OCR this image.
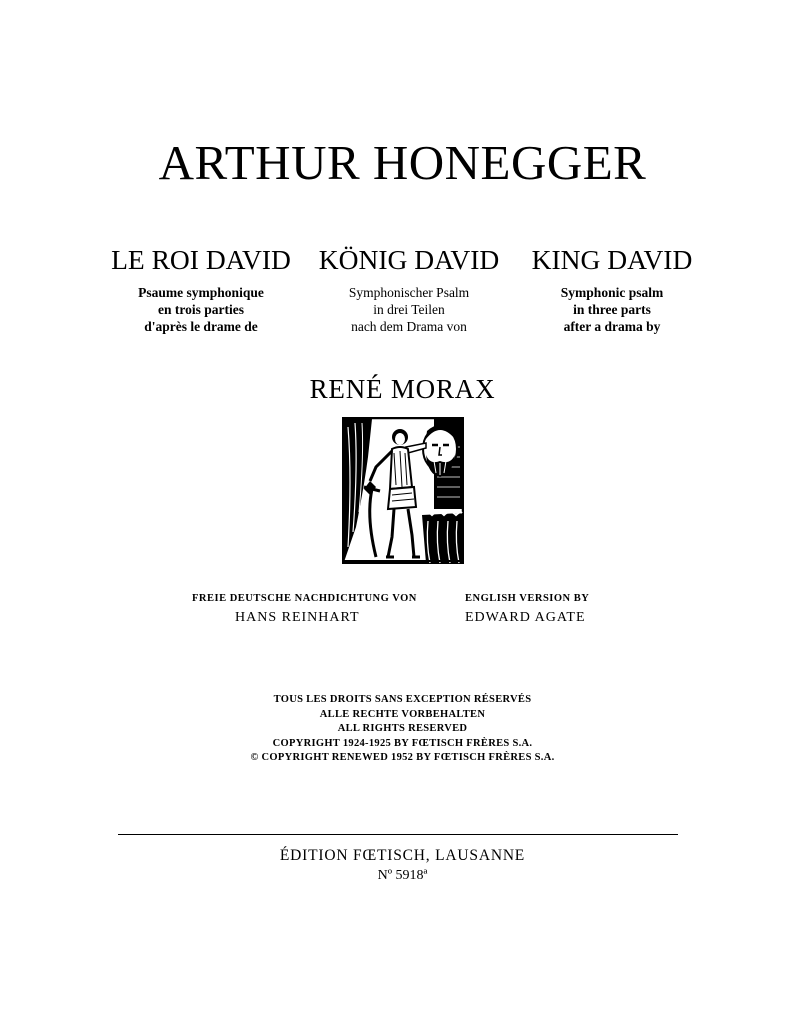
ARTHUR HONEGGER
LE ROI DAVID
Psaume symphonique
en trois parties
d'après le drame de
KÖNIG DAVID
Symphonischer Psalm
in drei Teilen
nach dem Drama von
KING DAVID
Symphonic psalm
in three parts
after a drama by
RENÉ MORAX
FREIE DEUTSCHE NACHDICHTUNG VON
HANS REINHART
ENGLISH VERSION BY
EDWARD AGATE
TOUS LES DROITS SANS EXCEPTION RÉSERVÉS
ALLE RECHTE VORBEHALTEN
ALL RIGHTS RESERVED
COPYRIGHT 1924-1925 BY FŒTISCH FRÈRES S.A.
© COPYRIGHT RENEWED 1952 BY FŒTISCH FRÈRES S.A.
ÉDITION FŒTISCH, LAUSANNE
Nº 5918ª
